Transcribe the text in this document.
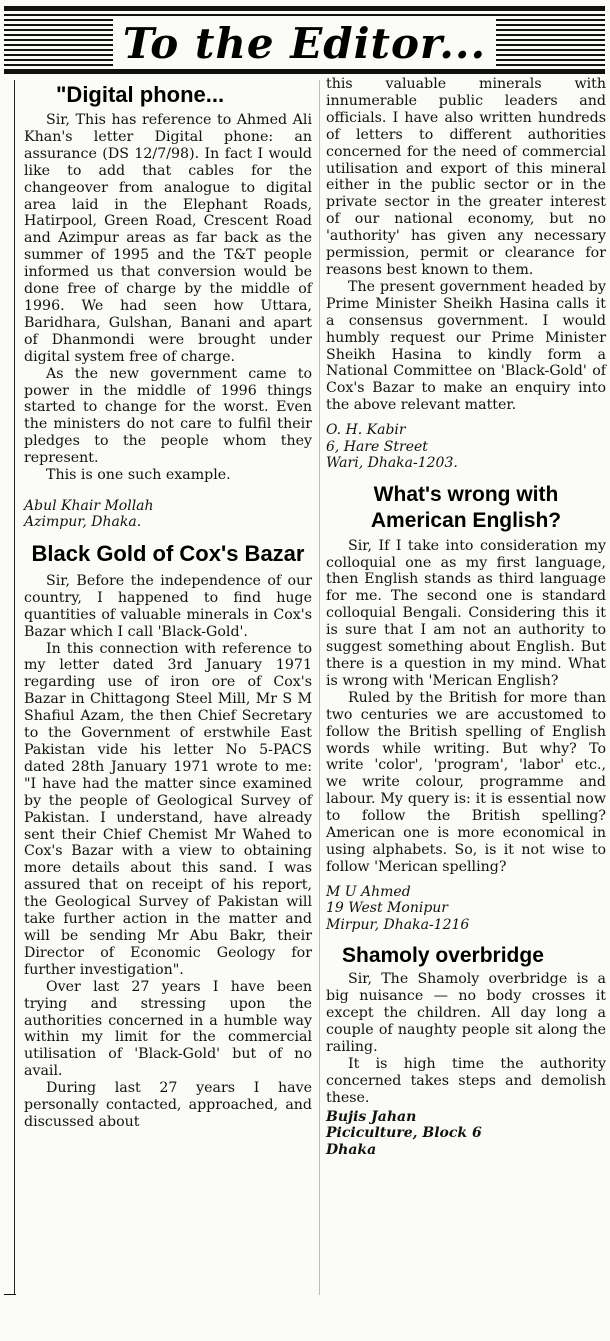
To the Editor...
"Digital phone...

Sir, This has reference to Ahmed Ali Khan's letter Digital phone: an assurance (DS 12/7/98). In fact I would like to add that cables for the changeover from analogue to digital area laid in the Elephant Roads, Hatirpool, Green Road, Crescent Road and Azimpur areas as far back as the summer of 1995 and the T&T people informed us that conversion would be done free of charge by the middle of 1996. We had seen how Uttara, Baridhara, Gulshan, Banani and apart of Dhanmondi were brought under digital system free of charge.

As the new government came to power in the middle of 1996 things started to change for the worst. Even the ministers do not care to fulfil their pledges to the people whom they represent.

This is one such example.

Abul Khair Mollah
Azimpur, Dhaka.
Black Gold of Cox's Bazar

Sir, Before the independence of our country, I happened to find huge quantities of valuable minerals in Cox's Bazar which I call 'Black-Gold'.

In this connection with reference to my letter dated 3rd January 1971 regarding use of iron ore of Cox's Bazar in Chittagong Steel Mill, Mr S M Shafiul Azam, the then Chief Secretary to the Government of erstwhile East Pakistan vide his letter No 5-PACS dated 28th January 1971 wrote to me: "I have had the matter since examined by the people of Geological Survey of Pakistan. I understand, have already sent their Chief Chemist Mr Wahed to Cox's Bazar with a view to obtaining more details about this sand. I was assured that on receipt of his report, the Geological Survey of Pakistan will take further action in the matter and will be sending Mr Abu Bakr, their Director of Economic Geology for further investigation".

Over last 27 years I have been trying and stressing upon the authorities concerned in a humble way within my limit for the commercial utilisation of 'Black-Gold' but of no avail.

During last 27 years I have personally contacted, approached, and discussed about

this valuable minerals with innumerable public leaders and officials. I have also written hundreds of letters to different authorities concerned for the need of commercial utilisation and export of this mineral either in the public sector or in the private sector in the greater interest of our national economy, but no 'authority' has given any necessary permission, permit or clearance for reasons best known to them.

The present government headed by Prime Minister Sheikh Hasina calls it a consensus government. I would humbly request our Prime Minister Sheikh Hasina to kindly form a National Committee on 'Black-Gold' of Cox's Bazar to make an enquiry into the above relevant matter.

O. H. Kabir
6, Hare Street
Wari, Dhaka-1203.
What's wrong with American English?

Sir, If I take into consideration my colloquial one as my first language, then English stands as third language for me. The second one is standard colloquial Bengali. Considering this it is sure that I am not an authority to suggest something about English. But there is a question in my mind. What is wrong with 'Merican English?

Ruled by the British for more than two centuries we are accustomed to follow the British spelling of English words while writing. But why? To write 'color', 'program', 'labor' etc., we write colour, programme and labour. My query is: it is essential now to follow the British spelling? American one is more economical in using alphabets. So, is it not wise to follow 'Merican spelling?

M U Ahmed
19 West Monipur
Mirpur, Dhaka-1216
Shamoly overbridge

Sir, The Shamoly overbridge is a big nuisance — no body crosses it except the children. All day long a couple of naughty people sit along the railing.

It is high time the authority concerned takes steps and demolish these.

Bujis Jahan
Piciculture, Block 6
Dhaka
